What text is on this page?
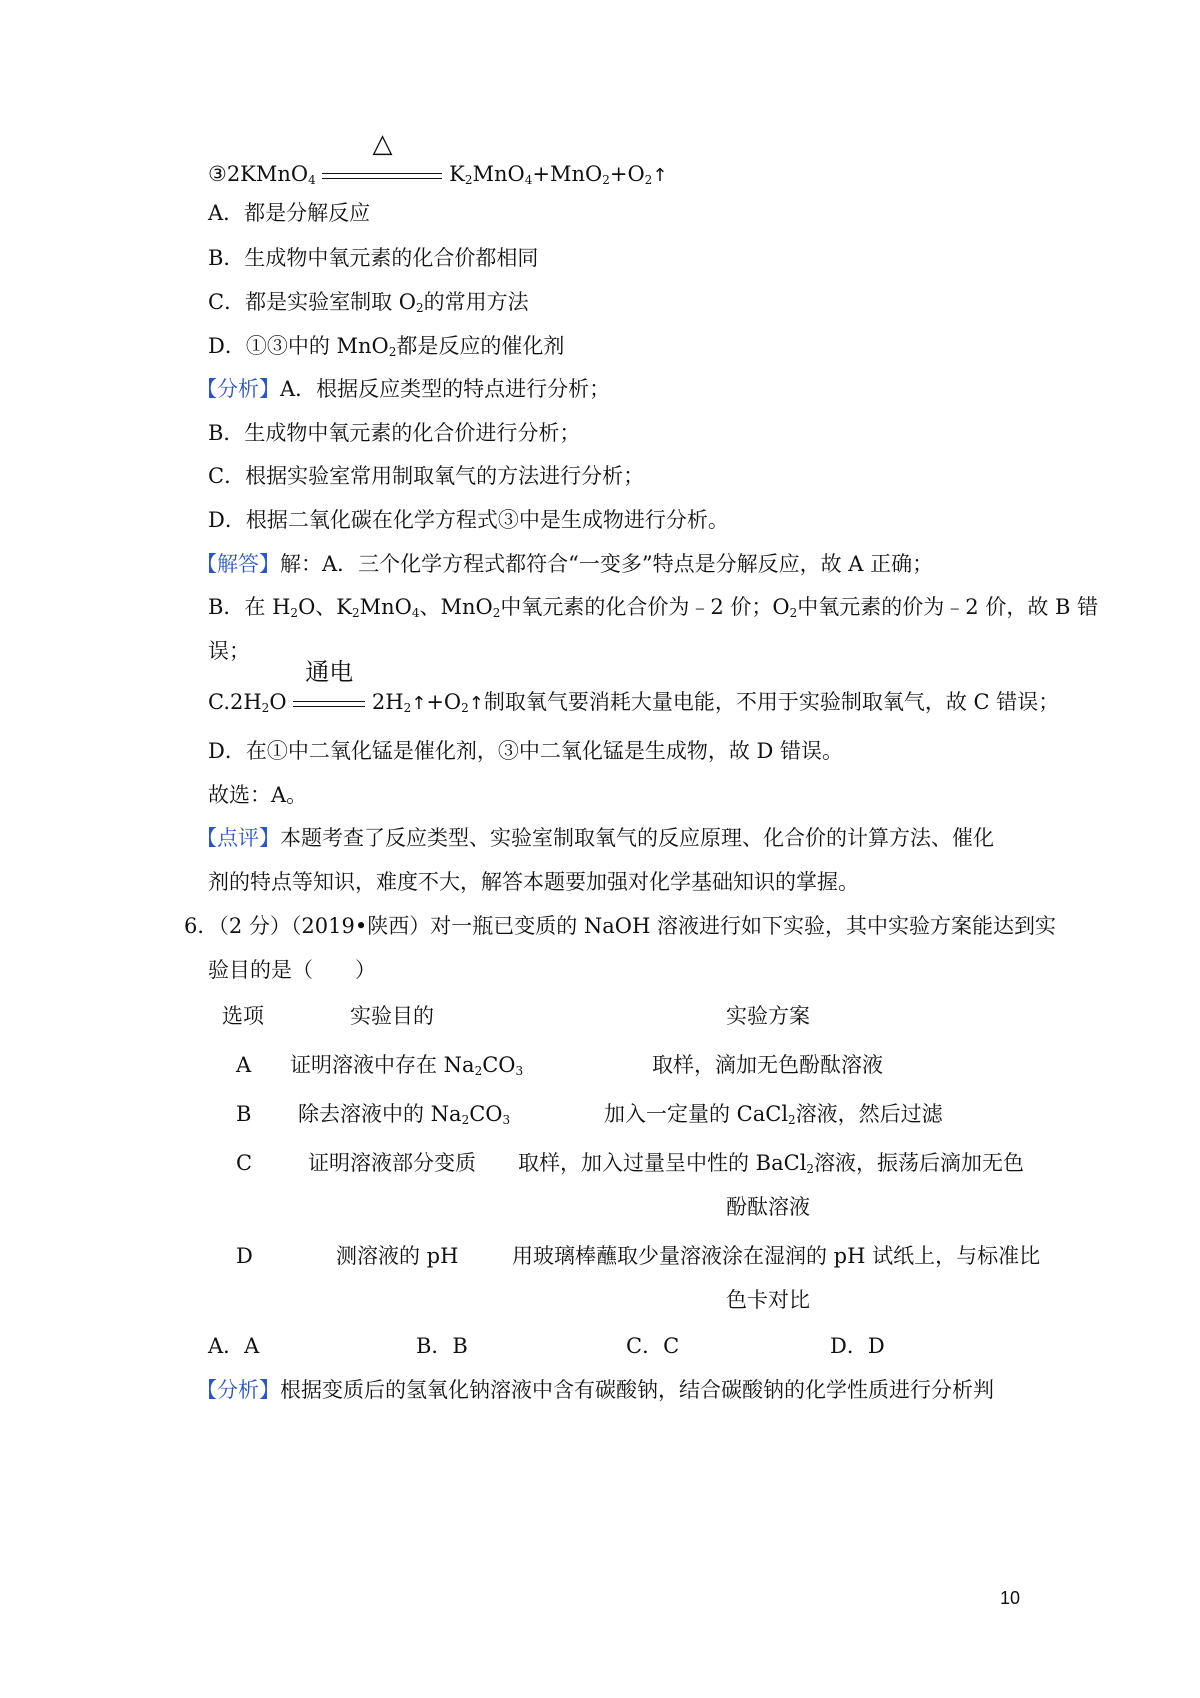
③2KMnO$_4$
△
$K_2MnO_4+MnO_2+O_2↑$
A．都是分解反应
B．生成物中氧元素的化合价都相同
C．都是实验室制取 $O_2$的常用方法
D．①③中的 MnO$_2$都是反应的催化剂
【分析】A．根据反应类型的特点进行分析；
B．生成物中氧元素的化合价进行分析；
C．根据实验室常用制取氧气的方法进行分析；
D．根据二氧化碳在化学方程式③中是生成物进行分析。
【解答】解：A．三个化学方程式都符合“一变多”特点是分解反应，故 A 正确；
B．在 $H_2O$、$K_2MnO_4$、MnO$_2$中氧元素的化合价为﹣2 价；$O_2$中氧元素的价为﹣2 价，故 B 错
误；
$C.2H_2O$
通电
$2H_2↑+O_2↑$制取氧气要消耗大量电能，不用于实验制取氧气，故 C 错误；
D．在①中二氧化锰是催化剂，③中二氧化锰是生成物，故 D 错误。
故选：A。
【点评】本题考查了反应类型、实验室制取氧气的反应原理、化合价的计算方法、催化
剂的特点等知识，难度不大，解答本题要加强对化学基础知识的掌握。
6．（2 分）（2019•陕西）对一瓶已变质的 NaOH 溶液进行如下实验，其中实验方案能达到实
验目的是（　　）
选项	实验目的	实验方案
A 证明溶液中存在 $Na_2CO_3$	取样，滴加无色酚酞溶液
B 除去溶液中的 $Na_2CO_3$	加入一定量的 CaCl$_2$溶液，然后过滤
C	证明溶液部分变质 取样，加入过量呈中性的 BaCl$_2$溶液，振荡后滴加无色
酚酞溶液
D	测溶液的 pH	用玻璃棒蘸取少量溶液涂在湿润的 pH 试纸上，与标准比
色卡对比
A．A	B．B	C．C	D．D
【分析】根据变质后的氢氧化钠溶液中含有碳酸钠，结合碳酸钠的化学性质进行分析判
10
